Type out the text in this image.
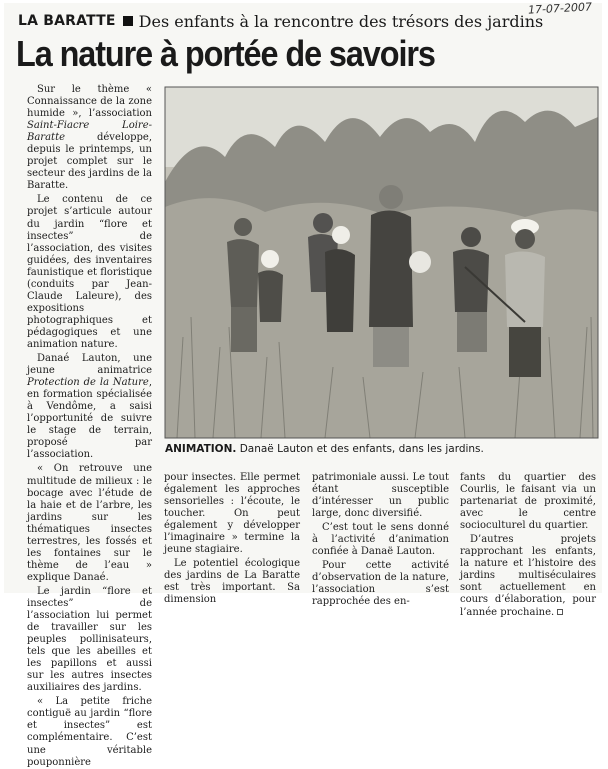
17-07-2007
LA BARATTE Des enfants à la rencontre des trésors des jardins
La nature à portée de savoirs

Sur le thème « Connaissance de la zone humide », l’association Saint-Fiacre Loire-Baratte développe, depuis le printemps, un projet complet sur le secteur des jardins de la Baratte.

Le contenu de ce projet s’articule autour du jardin “flore et insectes” de l’association, des visites guidées, des inventaires faunistique et floristique (conduits par Jean-Claude Laleure), des expositions photographiques et pédagogiques et une animation nature.

Danaé Lauton, une jeune animatrice Protection de la Nature, en formation spécialisée à Vendôme, a saisi l’opportunité de suivre le stage de terrain, proposé par l’association.

« On retrouve une multitude de milieux : le bocage avec l’étude de la haie et de l’arbre, les jardins sur les thématiques insectes terrestres, les fossés et les fontaines sur le thème de l’eau » explique Danaé.

Le jardin “flore et insectes” de l’association lui permet de travailler sur les peuples pollinisateurs, tels que les abeilles et les papillons et aussi sur les autres insectes auxiliaires des jardins.

« La petite friche contiguë au jardin “flore et insectes” est complémentaire. C’est une véritable pouponnière

ANIMATION. Danaë Lauton et des enfants, dans les jardins.

pour insectes. Elle permet également les approches sensorielles : l’écoute, le toucher. On peut également y développer l’imaginaire » termine la jeune stagiaire.

Le potentiel écologique des jardins de La Baratte est très important. Sa dimension

patrimoniale aussi. Le tout étant susceptible d’intéresser un public large, donc diversifié.

C’est tout le sens donné à l’activité d’animation confiée à Danaë Lauton.

Pour cette activité d’observation de la nature, l’association s’est rapprochée des en-

fants du quartier des Courlis, le faisant via un partenariat de proximité, avec le centre socioculturel du quartier.

D’autres projets rapprochant les enfants, la nature et l’histoire des jardins multiséculaires sont actuellement en cours d’élaboration, pour l’année prochaine.
